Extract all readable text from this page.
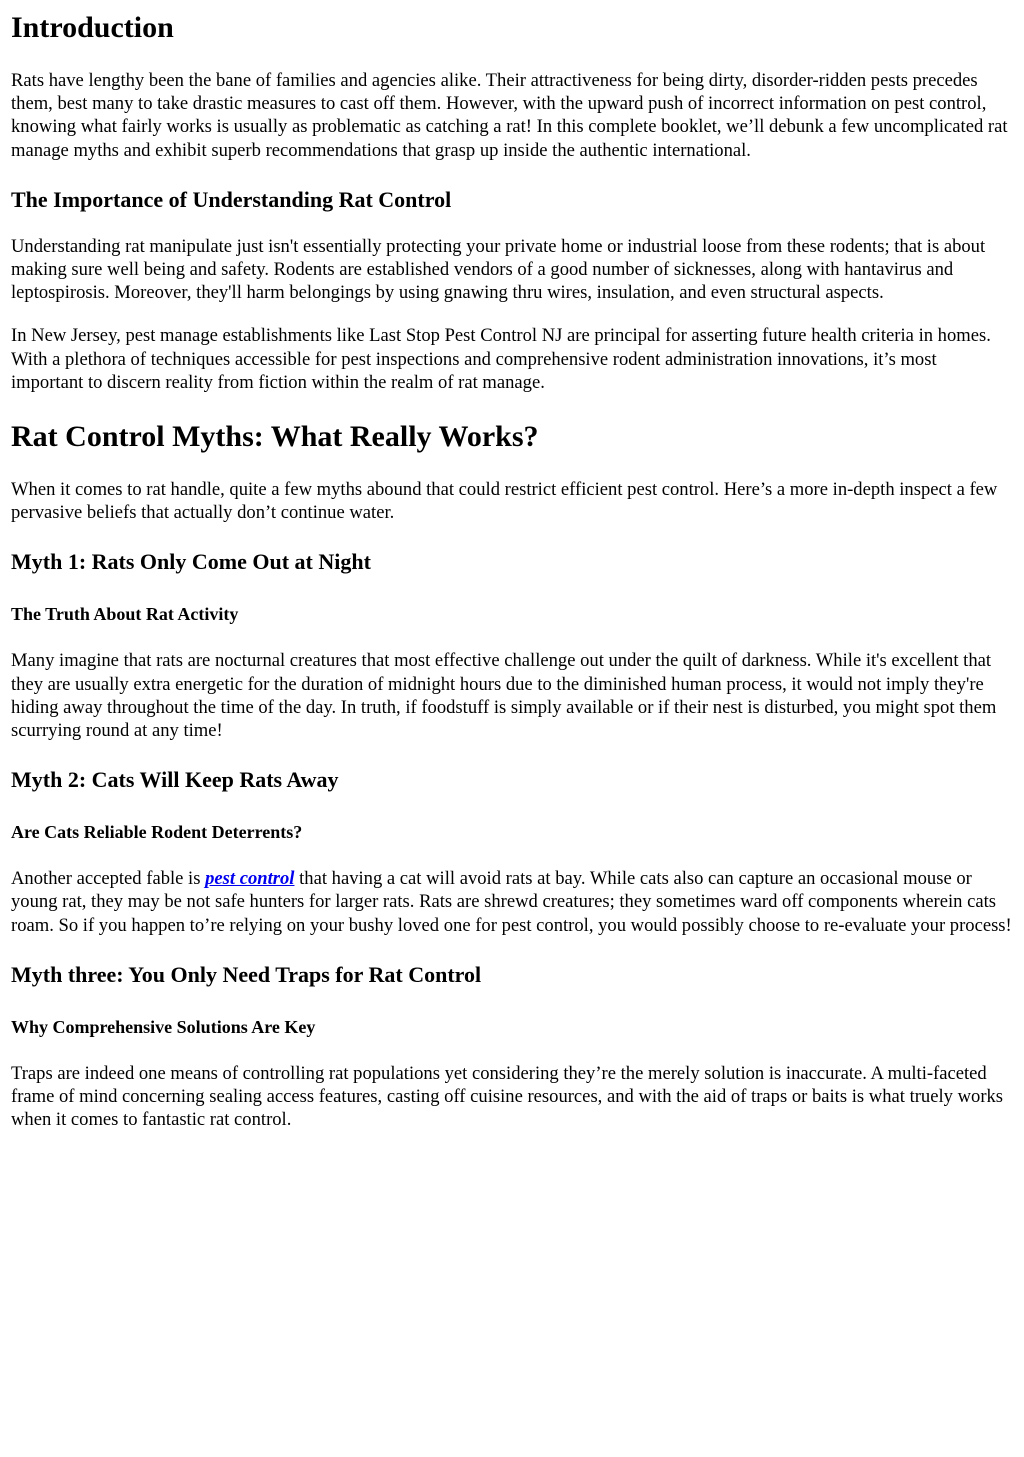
Introduction

Rats have lengthy been the bane of families and agencies alike. Their attractiveness for being dirty, disorder-ridden pests precedes them, best many to take drastic measures to cast off them. However, with the upward push of incorrect information on pest control, knowing what fairly works is usually as problematic as catching a rat! In this complete booklet, we’ll debunk a few uncomplicated rat manage myths and exhibit superb recommendations that grasp up inside the authentic international.

The Importance of Understanding Rat Control

Understanding rat manipulate just isn't essentially protecting your private home or industrial loose from these rodents; that is about making sure well being and safety. Rodents are established vendors of a good number of sicknesses, along with hantavirus and leptospirosis. Moreover, they'll harm belongings by using gnawing thru wires, insulation, and even structural aspects.

In New Jersey, pest manage establishments like Last Stop Pest Control NJ are principal for asserting future health criteria in homes. With a plethora of techniques accessible for pest inspections and comprehensive rodent administration innovations, it’s most important to discern reality from fiction within the realm of rat manage.

Rat Control Myths: What Really Works?

When it comes to rat handle, quite a few myths abound that could restrict efficient pest control. Here’s a more in-depth inspect a few pervasive beliefs that actually don’t continue water.

Myth 1: Rats Only Come Out at Night
The Truth About Rat Activity

Many imagine that rats are nocturnal creatures that most effective challenge out under the quilt of darkness. While it's excellent that they are usually extra energetic for the duration of midnight hours due to the diminished human process, it would not imply they're hiding away throughout the time of the day. In truth, if foodstuff is simply available or if their nest is disturbed, you might spot them scurrying round at any time!

Myth 2: Cats Will Keep Rats Away
Are Cats Reliable Rodent Deterrents?

Another accepted fable is pest control that having a cat will avoid rats at bay. While cats also can capture an occasional mouse or young rat, they may be not safe hunters for larger rats. Rats are shrewd creatures; they sometimes ward off components wherein cats roam. So if you happen to’re relying on your bushy loved one for pest control, you would possibly choose to re-evaluate your process!

Myth three: You Only Need Traps for Rat Control
Why Comprehensive Solutions Are Key

Traps are indeed one means of controlling rat populations yet considering they’re the merely solution is inaccurate. A multi-faceted frame of mind concerning sealing access features, casting off cuisine resources, and with the aid of traps or baits is what truely works when it comes to fantastic rat control.
